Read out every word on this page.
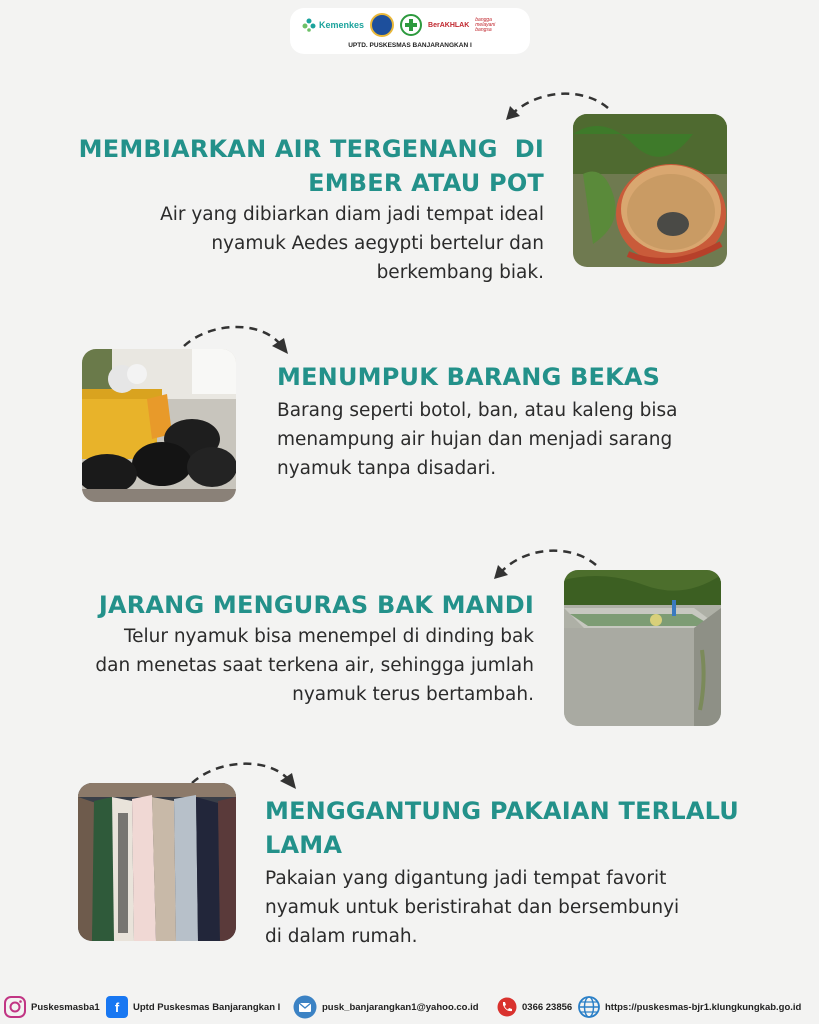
Kemenkes	BerAKHLAK
bangga melayani bangsa
UPTD. PUSKESMAS BANJARANGKAN I
MEMBIARKAN AIR TERGENANG  DI
EMBER ATAU POT
Air yang dibiarkan diam jadi tempat ideal
nyamuk Aedes aegypti bertelur dan
berkembang biak.
MENUMPUK BARANG BEKAS
Barang seperti botol, ban, atau kaleng bisa
menampung air hujan dan menjadi sarang
nyamuk tanpa disadari.
JARANG MENGURAS BAK MANDI
Telur nyamuk bisa menempel di dinding bak
dan menetas saat terkena air, sehingga jumlah
nyamuk terus bertambah.
MENGGANTUNG PAKAIAN TERLALU LAMA
Pakaian yang digantung jadi tempat favorit
nyamuk untuk beristirahat dan bersembunyi
di dalam rumah.
Puskesmasba1	f	Uptd Puskesmas Banjarangkan I	pusk_banjarangkan1@yahoo.co.id	0366 23856	https://puskesmas-bjr1.klungkungkab.go.id
